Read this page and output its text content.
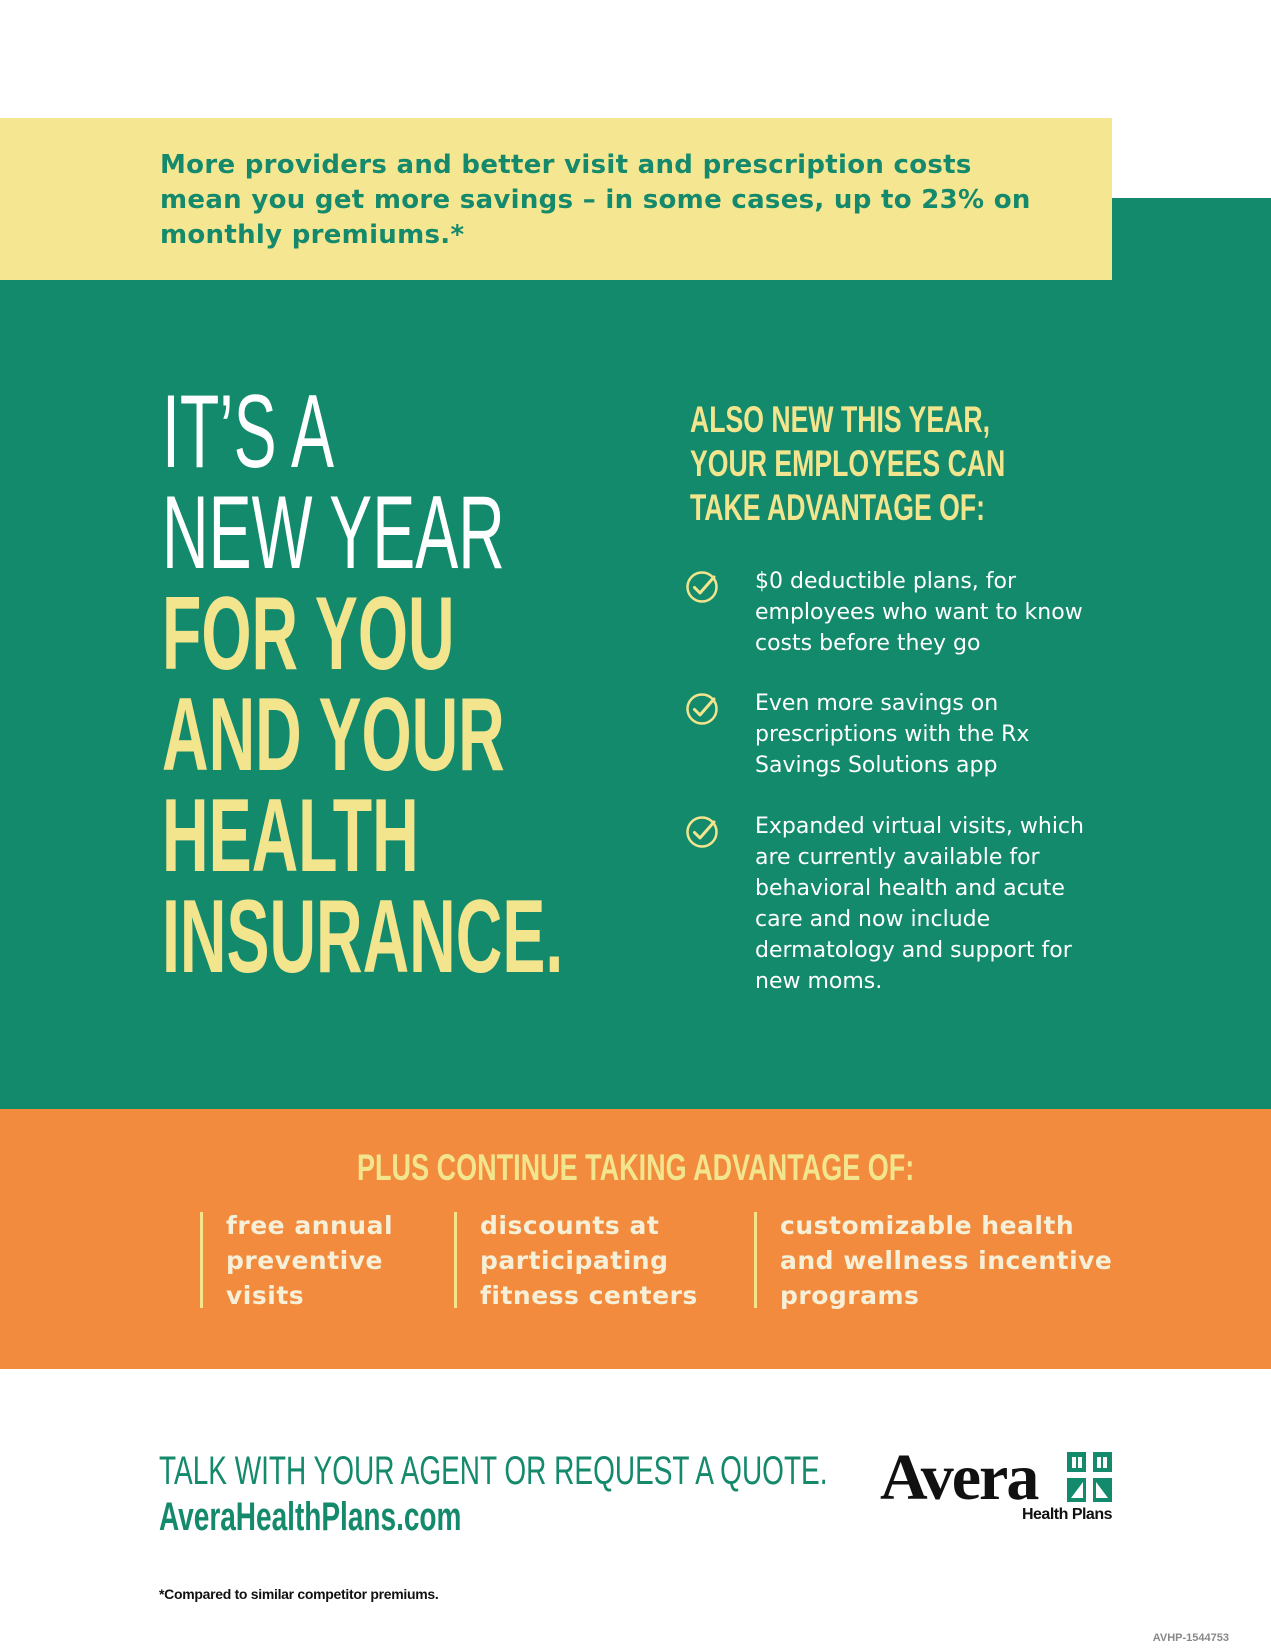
More providers and better visit and prescription costs mean you get more savings – in some cases, up to 23% on monthly premiums.*

IT’S A
NEW YEAR
FOR YOU
AND YOUR
HEALTH
INSURANCE.
ALSO NEW THIS YEAR,
YOUR EMPLOYEES CAN
TAKE ADVANTAGE OF:
$0 deductible plans, for employees who want to know costs before they go
Even more savings on prescriptions with the Rx Savings Solutions app
Expanded virtual visits, which are currently available for behavioral health and acute care and now include dermatology and support for new moms.
PLUS CONTINUE TAKING ADVANTAGE OF:
free annual preventive visits
discounts at participating fitness centers
customizable health and wellness incentive programs
TALK WITH YOUR AGENT OR REQUEST A QUOTE.
AveraHealthPlans.com
Avera
Health Plans
*Compared to similar competitor premiums.
AVHP-1544753
